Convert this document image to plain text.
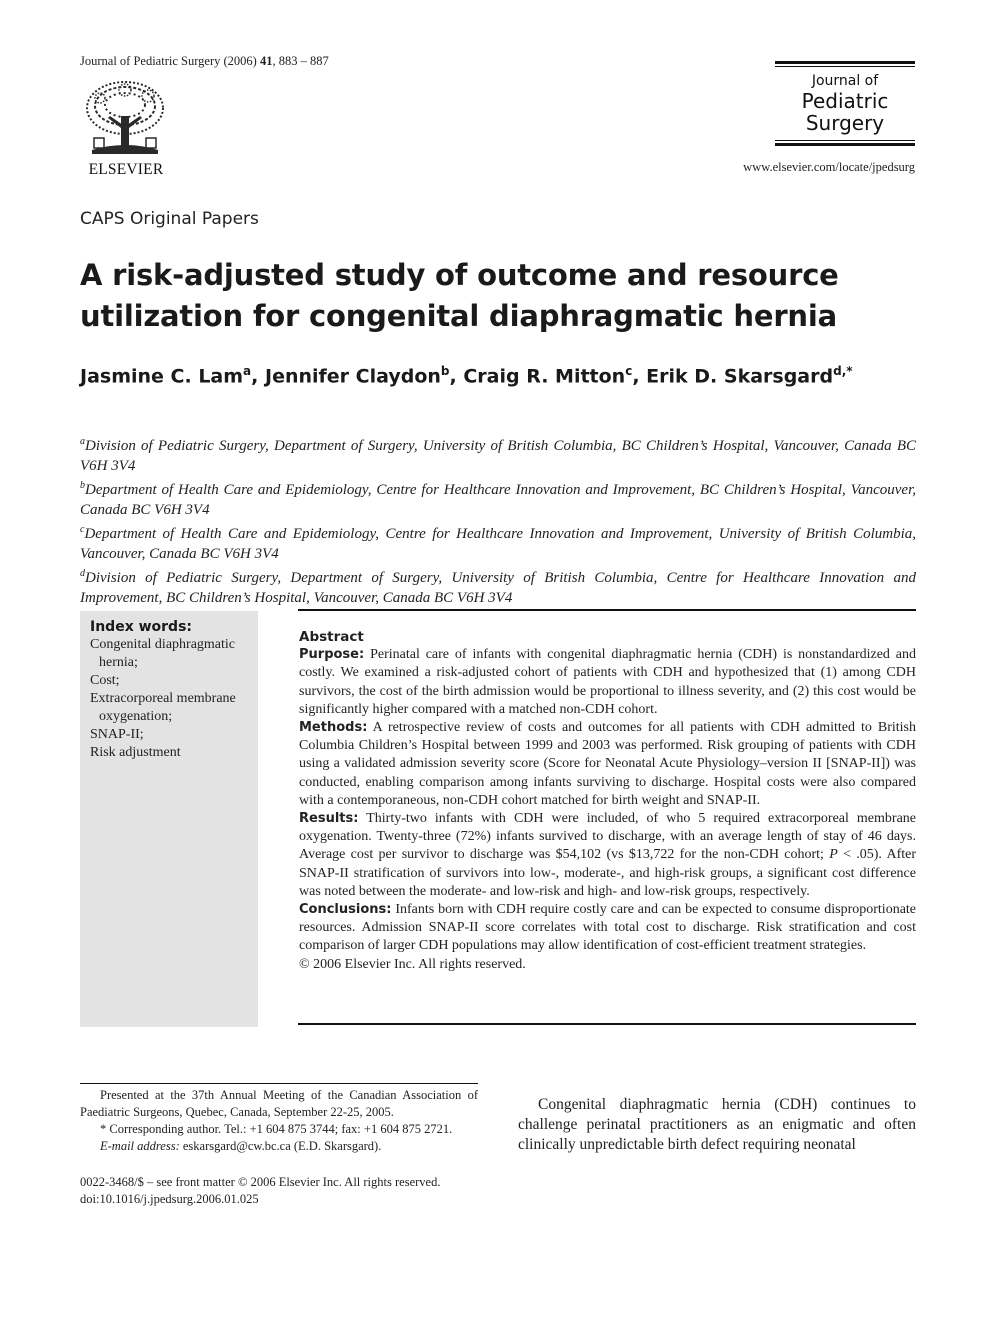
Journal of Pediatric Surgery (2006) 41, 883 – 887
ELSEVIER
Journal of
Pediatric
Surgery
www.elsevier.com/locate/jpedsurg
CAPS Original Papers
A risk-adjusted study of outcome and resource utilization for congenital diaphragmatic hernia
Jasmine C. Lam$^a$, Jennifer Claydon$^b$, Craig R. Mitton$^c$, Erik D. Skarsgard$^{d,*}$

$^a$Division of Pediatric Surgery, Department of Surgery, University of British Columbia, BC Children’s Hospital, Vancouver, Canada BC V6H 3V4

$^b$Department of Health Care and Epidemiology, Centre for Healthcare Innovation and Improvement, BC Children’s Hospital, Vancouver, Canada BC V6H 3V4

$^c$Department of Health Care and Epidemiology, Centre for Healthcare Innovation and Improvement, University of British Columbia, Vancouver, Canada BC V6H 3V4

$^d$Division of Pediatric Surgery, Department of Surgery, University of British Columbia, Centre for Healthcare Innovation and Improvement, BC Children’s Hospital, Vancouver, Canada BC V6H 3V4

Index words:
Congenital diaphragmatic hernia;
Cost;
Extracorporeal membrane oxygenation;
SNAP-II;
Risk adjustment
Abstract

Purpose: Perinatal care of infants with congenital diaphragmatic hernia (CDH) is nonstandardized and costly. We examined a risk-adjusted cohort of patients with CDH and hypothesized that (1) among CDH survivors, the cost of the birth admission would be proportional to illness severity, and (2) this cost would be significantly higher compared with a matched non-CDH cohort.

Methods: A retrospective review of costs and outcomes for all patients with CDH admitted to British Columbia Children’s Hospital between 1999 and 2003 was performed. Risk grouping of patients with CDH using a validated admission severity score (Score for Neonatal Acute Physiology–version II [SNAP-II]) was conducted, enabling comparison among infants surviving to discharge. Hospital costs were also compared with a contemporaneous, non-CDH cohort matched for birth weight and SNAP-II.

Results: Thirty-two infants with CDH were included, of who 5 required extracorporeal membrane oxygenation. Twenty-three (72%) infants survived to discharge, with an average length of stay of 46 days. Average cost per survivor to discharge was $54,102 (vs $13,722 for the non-CDH cohort; P < .05). After SNAP-II stratification of survivors into low-, moderate-, and high-risk groups, a significant cost difference was noted between the moderate- and low-risk and high- and low-risk groups, respectively.

Conclusions: Infants born with CDH require costly care and can be expected to consume disproportionate resources. Admission SNAP-II score correlates with total cost to discharge. Risk stratification and cost comparison of larger CDH populations may allow identification of cost-efficient treatment strategies.

© 2006 Elsevier Inc. All rights reserved.

Presented at the 37th Annual Meeting of the Canadian Association of Paediatric Surgeons, Quebec, Canada, September 22-25, 2005.

* Corresponding author. Tel.: +1 604 875 3744; fax: +1 604 875 2721.

E-mail address: eskarsgard@cw.bc.ca (E.D. Skarsgard).

0022-3468/$ – see front matter © 2006 Elsevier Inc. All rights reserved.

doi:10.1016/j.jpedsurg.2006.01.025

Congenital diaphragmatic hernia (CDH) continues to challenge perinatal practitioners as an enigmatic and often clinically unpredictable birth defect requiring neonatal
